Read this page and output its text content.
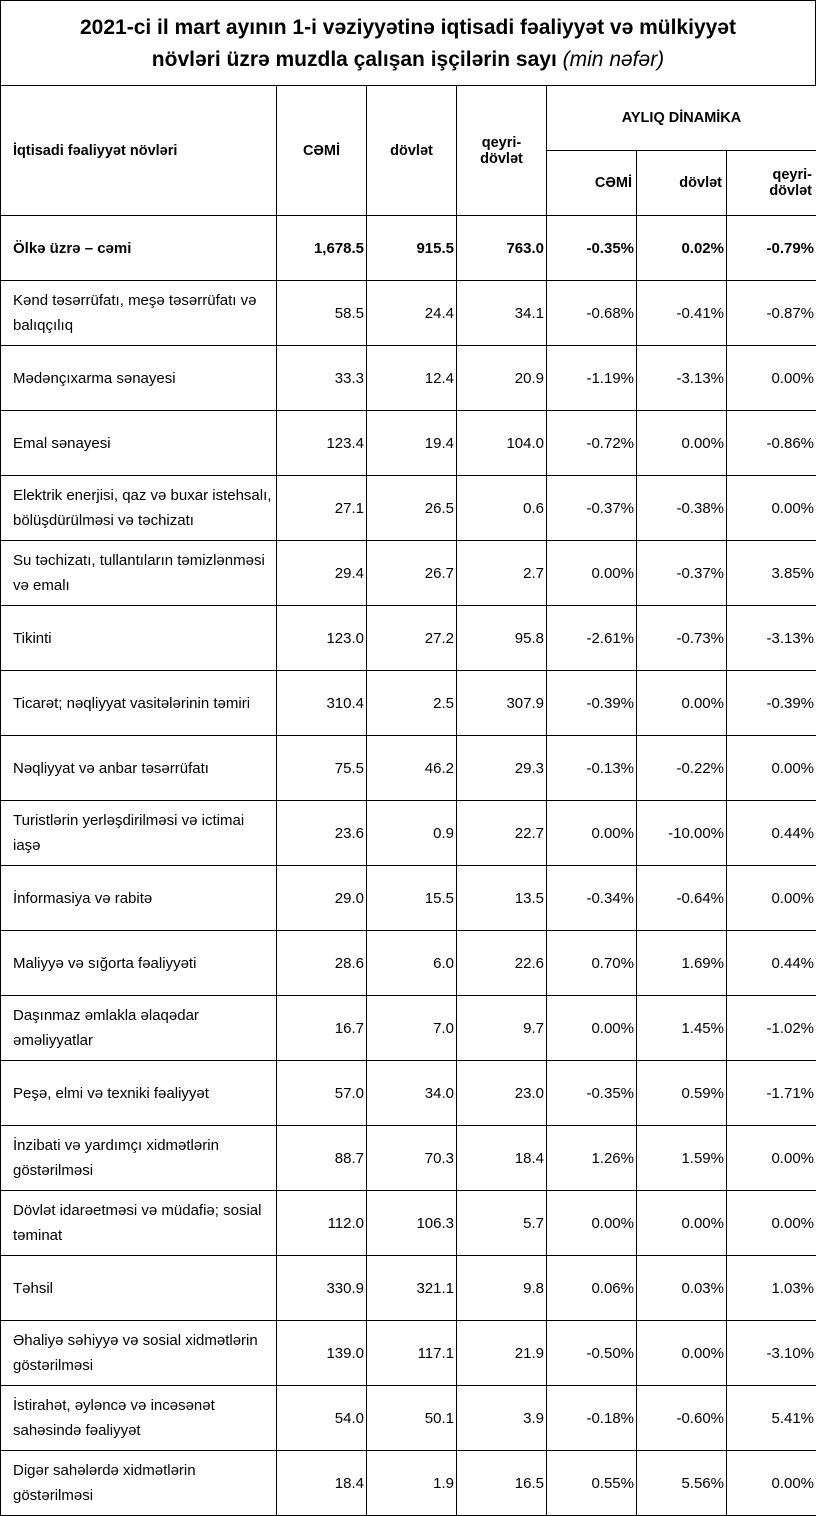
2021-ci il mart ayının 1-i vəziyyətinə iqtisadi fəaliyyət və mülkiyyət
növləri üzrə muzdla çalışan işçilərin sayı (min nəfər)
İqtisadi fəaliyyət növləri	CƏMİ	dövlət	qeyri-dövlət	AYLIQ DİNAMİKA		
				CƏMİ	dövlət	qeyri-dövlət
Ölkə üzrə – cəmi	1,678.5	915.5	763.0	-0.35%	0.02%	-0.79%
Kənd təsərrüfatı, meşə təsərrüfatı və balıqçılıq	58.5	24.4	34.1	-0.68%	-0.41%	-0.87%
Mədənçıxarma sənayesi	33.3	12.4	20.9	-1.19%	-3.13%	0.00%
Emal sənayesi	123.4	19.4	104.0	-0.72%	0.00%	-0.86%
Elektrik enerjisi, qaz və buxar istehsalı, bölüşdürülməsi və təchizatı	27.1	26.5	0.6	-0.37%	-0.38%	0.00%
Su təchizatı, tullantıların təmizlənməsi və emalı	29.4	26.7	2.7	0.00%	-0.37%	3.85%
Tikinti	123.0	27.2	95.8	-2.61%	-0.73%	-3.13%
Ticarət; nəqliyyat vasitələrinin təmiri	310.4	2.5	307.9	-0.39%	0.00%	-0.39%
Nəqliyyat və anbar təsərrüfatı	75.5	46.2	29.3	-0.13%	-0.22%	0.00%
Turistlərin yerləşdirilməsi və ictimai iaşə	23.6	0.9	22.7	0.00%	-10.00%	0.44%
İnformasiya və rabitə	29.0	15.5	13.5	-0.34%	-0.64%	0.00%
Maliyyə və sığorta fəaliyyəti	28.6	6.0	22.6	0.70%	1.69%	0.44%
Daşınmaz əmlakla əlaqədar əməliyyatlar	16.7	7.0	9.7	0.00%	1.45%	-1.02%
Peşə, elmi və texniki fəaliyyət	57.0	34.0	23.0	-0.35%	0.59%	-1.71%
İnzibati və yardımçı xidmətlərin göstərilməsi	88.7	70.3	18.4	1.26%	1.59%	0.00%
Dövlət idarəetməsi və müdafiə; sosial təminat	112.0	106.3	5.7	0.00%	0.00%	0.00%
Təhsil	330.9	321.1	9.8	0.06%	0.03%	1.03%
Əhaliyə səhiyyə və sosial xidmətlərin göstərilməsi	139.0	117.1	21.9	-0.50%	0.00%	-3.10%
İstirahət, əyləncə və incəsənət sahəsində fəaliyyət	54.0	50.1	3.9	-0.18%	-0.60%	5.41%
Digər sahələrdə xidmətlərin göstərilməsi	18.4	1.9	16.5	0.55%	5.56%	0.00%
